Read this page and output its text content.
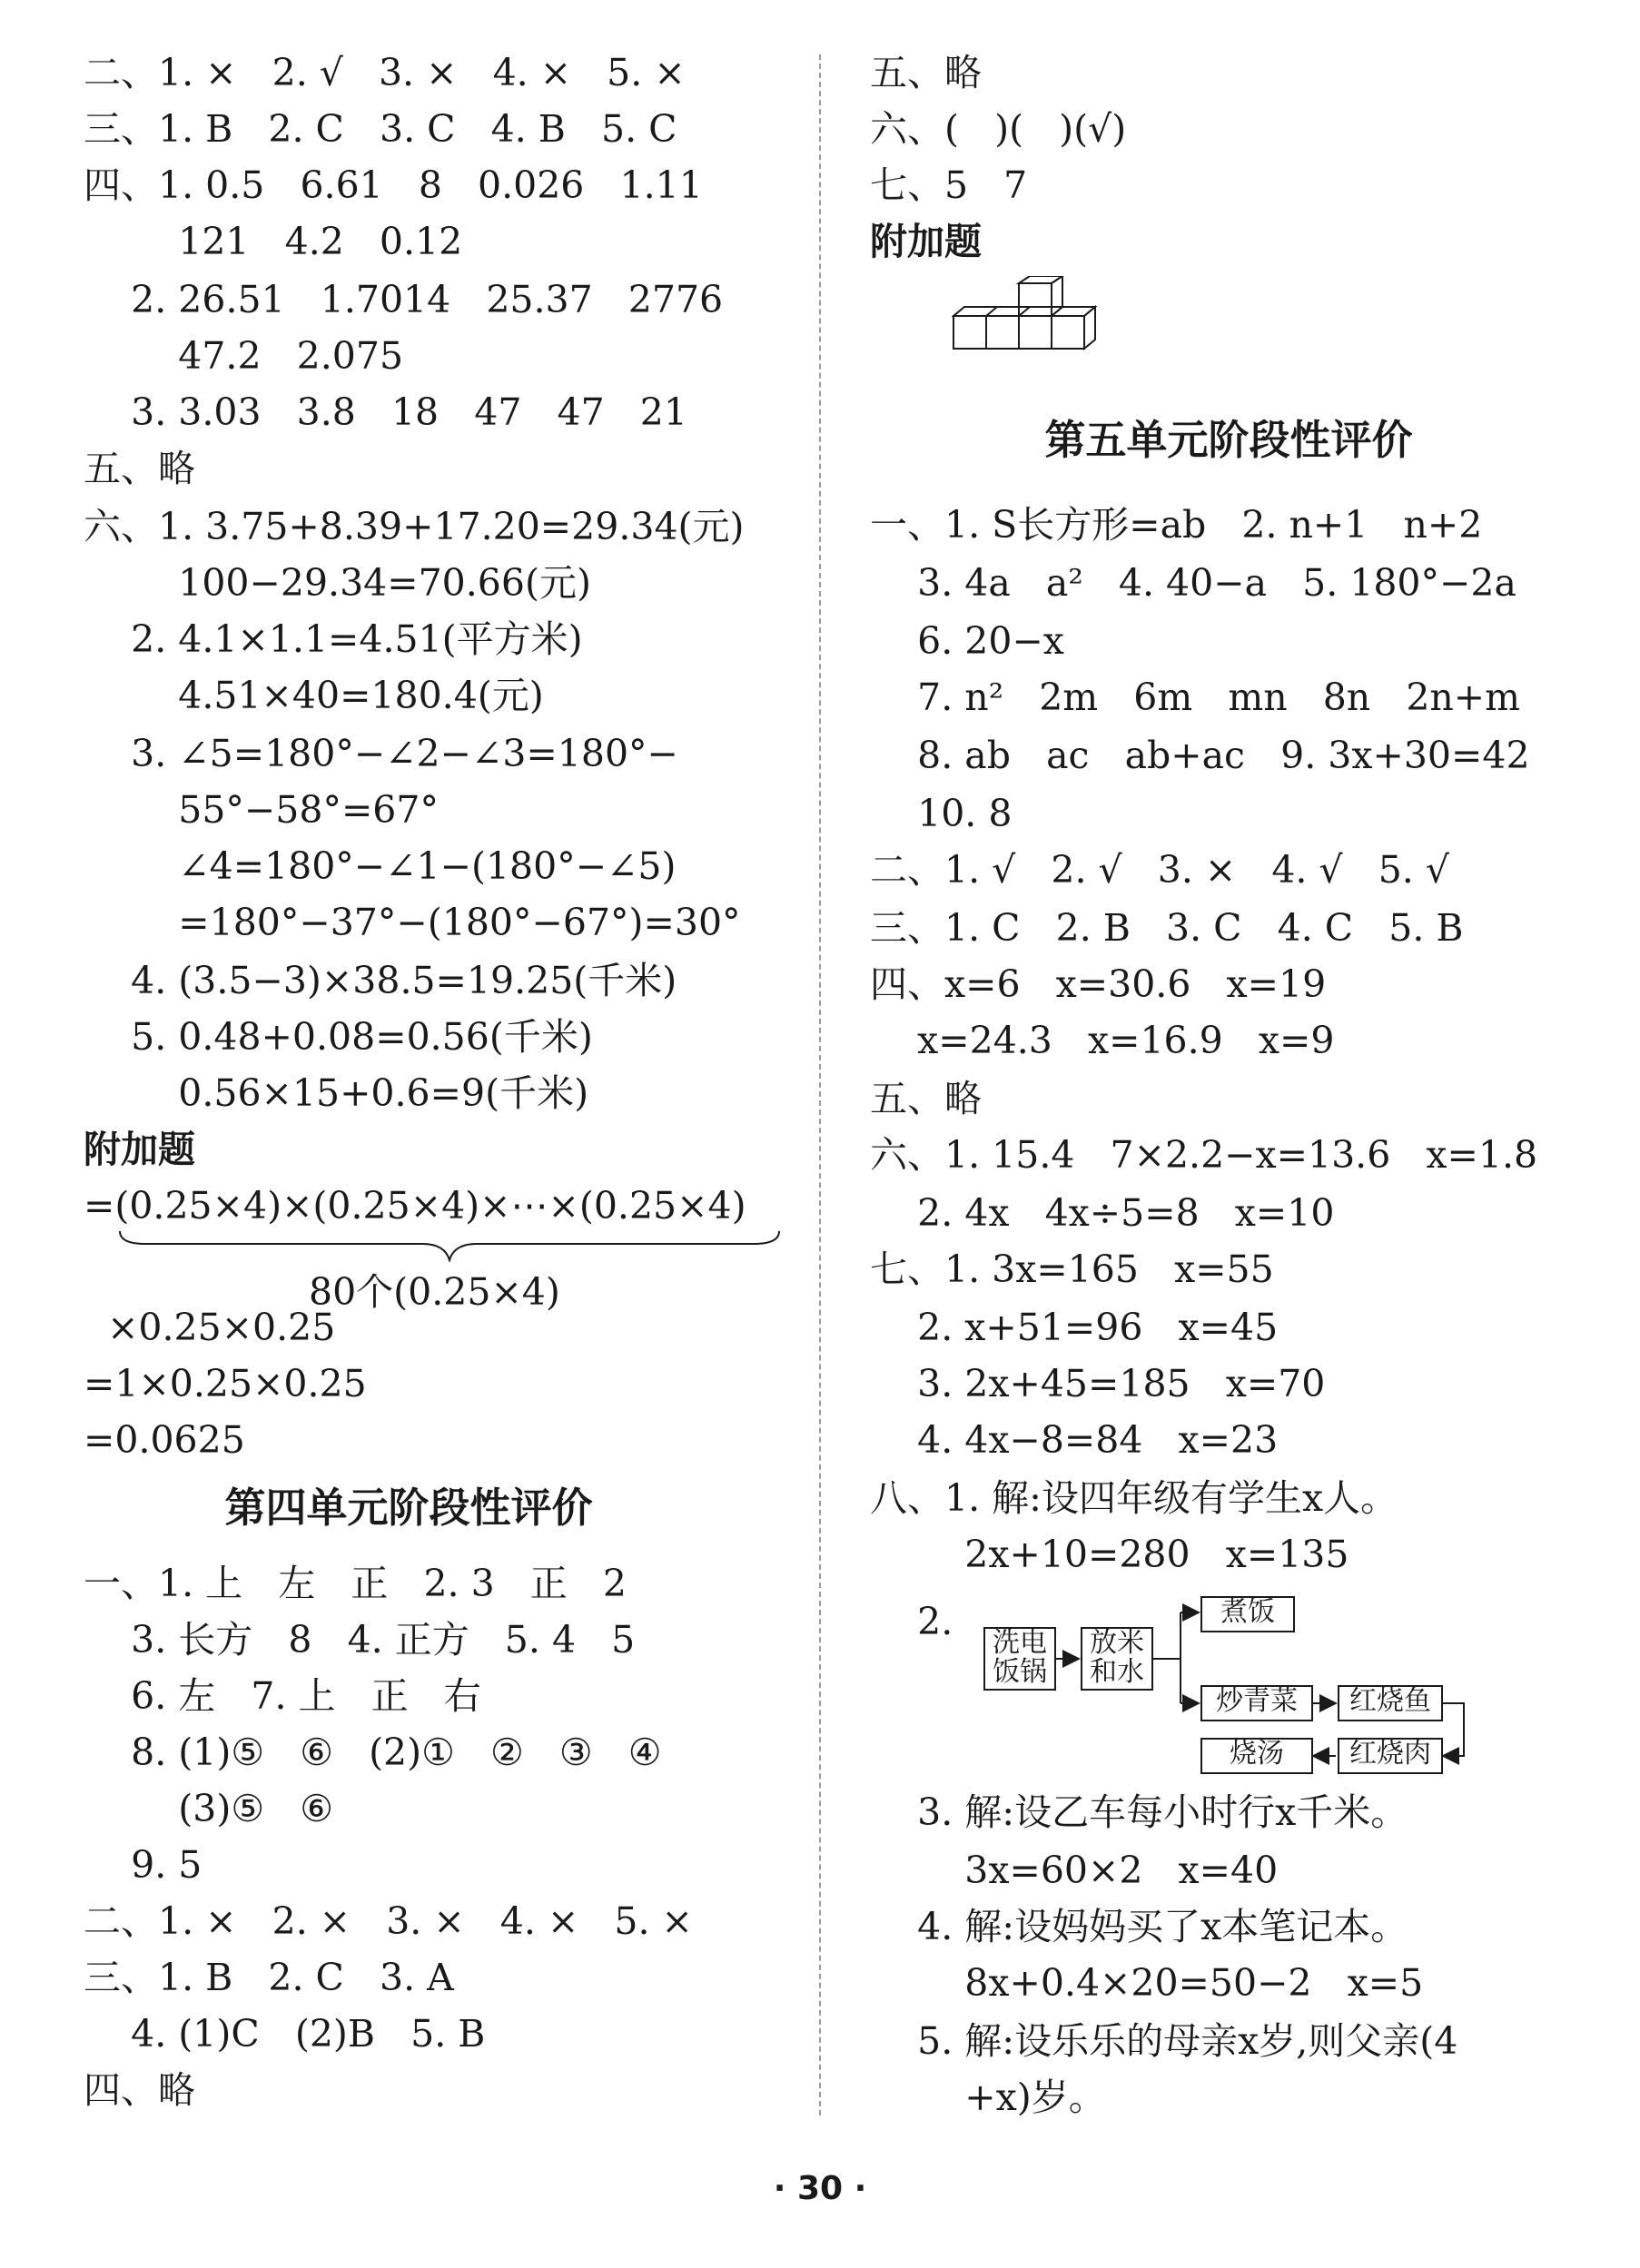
二、1. ×   2. √   3. ×   4. ×   5. ×
三、1. B   2. C   3. C   4. B   5. C
四、1. 0.5   6.61   8   0.026   1.11
121   4.2   0.12
2. 26.51   1.7014   25.37   2776
47.2   2.075
3. 3.03   3.8   18   47   47   21
五、略
六、1. 3.75+8.39+17.20=29.34(元)
100−29.34=70.66(元)
2. 4.1×1.1=4.51(平方米)
4.51×40=180.4(元)
3. ∠5=180°−∠2−∠3=180°−
55°−58°=67°
∠4=180°−∠1−(180°−∠5)
=180°−37°−(180°−67°)=30°
4. (3.5−3)×38.5=19.25(千米)
5. 0.48+0.08=0.56(千米)
0.56×15+0.6=9(千米)
附加题
=(0.25×4)×(0.25×4)×⋯×(0.25×4)
80个(0.25×4)
×0.25×0.25
=1×0.25×0.25
=0.0625
第四单元阶段性评价
一、1. 上   左   正   2. 3   正   2
3. 长方   8   4. 正方   5. 4   5
6. 左   7. 上   正   右
8. (1)⑤   ⑥   (2)①   ②   ③   ④
(3)⑤   ⑥
9. 5
二、1. ×   2. ×   3. ×   4. ×   5. ×
三、1. B   2. C   3. A
4. (1)C   (2)B   5. B
四、略
五、略
六、(   )(   )(√)
七、5   7
附加题
第五单元阶段性评价
一、1. S长方形=ab   2. n+1   n+2
3. 4a   a²   4. 40−a   5. 180°−2a
6. 20−x
7. n²   2m   6m   mn   8n   2n+m
8. ab   ac   ab+ac   9. 3x+30=42
10. 8
二、1. √   2. √   3. ×   4. √   5. √
三、1. C   2. B   3. C   4. C   5. B
四、x=6   x=30.6   x=19
x=24.3   x=16.9   x=9
五、略
六、1. 15.4   7×2.2−x=13.6   x=1.8
2. 4x   4x÷5=8   x=10
七、1. 3x=165   x=55
2. x+51=96   x=45
3. 2x+45=185   x=70
4. 4x−8=84   x=23
八、1. 解:设四年级有学生x人。
2x+10=280   x=135
2.	洗电
饭锅
放米
和水
煮饭
炒青菜	红烧鱼
烧汤	红烧肉
3. 解:设乙车每小时行x千米。
3x=60×2   x=40
4. 解:设妈妈买了x本笔记本。
8x+0.4×20=50−2   x=5
5. 解:设乐乐的母亲x岁,则父亲(4
+x)岁。
· 30 ·
